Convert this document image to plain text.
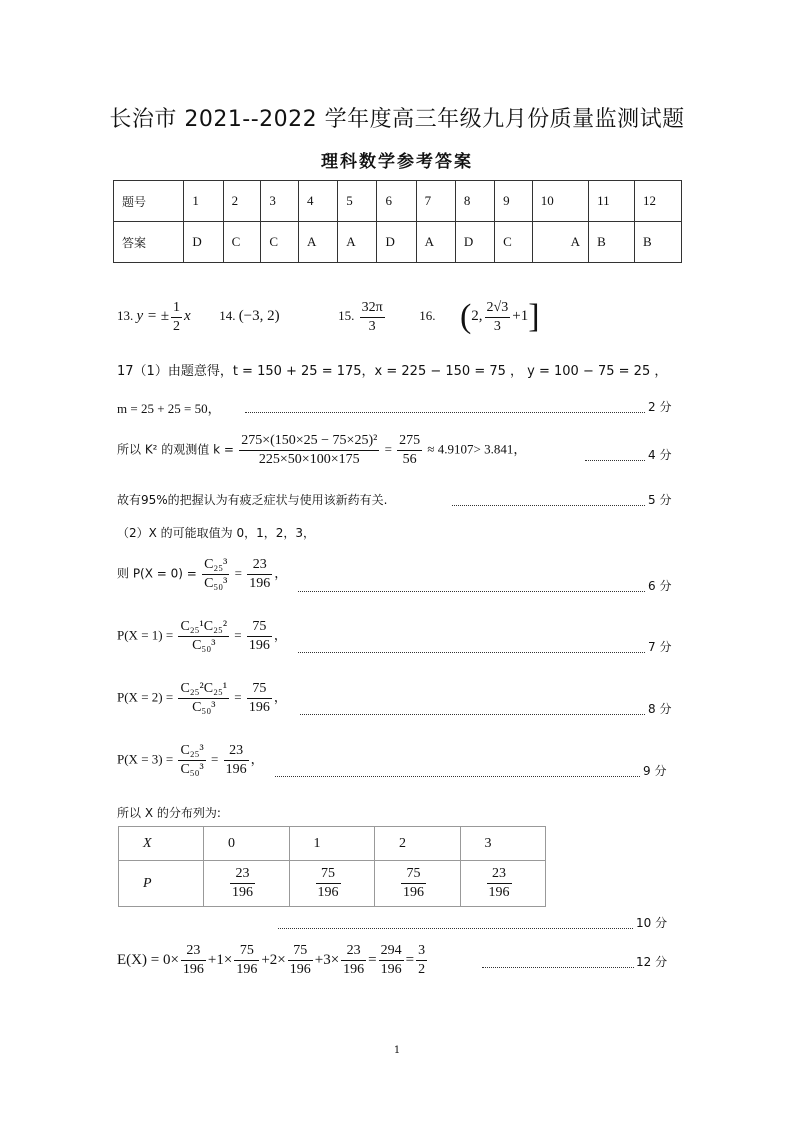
长治市 2021--2022 学年度高三年级九月份质量监测试题
理科数学参考答案
题号	1	2	3	4	5	6	7	8	9	10	11	12
答案	D	C	C	A	A	D	A	D	C	A	B	B
13. y = ± $\frac{1}{2}$ x 14. (−3, 2)	15. $\frac{32\pi}{3}$	16. (2, $\frac{2√3}{3} +1$]
17（1）由题意得，t = 150 + 25 = 175，x = 225 − 150 = 75 ， y = 100 − 75 = 25 ，
m = 25 + 25 = 50，	2 分
所以 K² 的观测值 $k = \frac{\text{275×(150×25 − 75×25)²}}{225\times 50\times 100\times 175} = \frac{275}{56} \approx 4.9107> 3.841$，	4 分
故有95%的把握认为有疲乏症状与使用该新药有关.	5 分
（2）X 的可能取值为 0，1，2，3，
则 $P(X = 0) = \frac{\text{C₂₅³}}{\text{C₅₀³}} = \frac{23}{196}$ ，
6 分
$P(X = 1) = \frac{\text{C₂₅¹C₂₅²}}{\text{C₅₀³}} = \frac{75}{196}$ ，
7 分
$P(X = 2) = \frac{\text{C₂₅²C₂₅¹}}{\text{C₅₀³}} = \frac{75}{196}$ ，
8 分
$P(X = 3) = \frac{\text{C₂₅³}}{\text{C₅₀³}} = \frac{23}{196}$ ，
9 分
所以 X 的分布列为:
X	0	1	2	3
P	$\frac{23}{196}$	$\frac{75}{196}$	$\frac{75}{196}$	$\frac{23}{196}$
10 分
$E(X) = 0\times \frac{23}{196} +1\times \frac{75}{196} +2\times \frac{75}{196} +3\times \frac{23}{196} = \frac{294}{196} = \frac{3}{2}$	12 分
1
